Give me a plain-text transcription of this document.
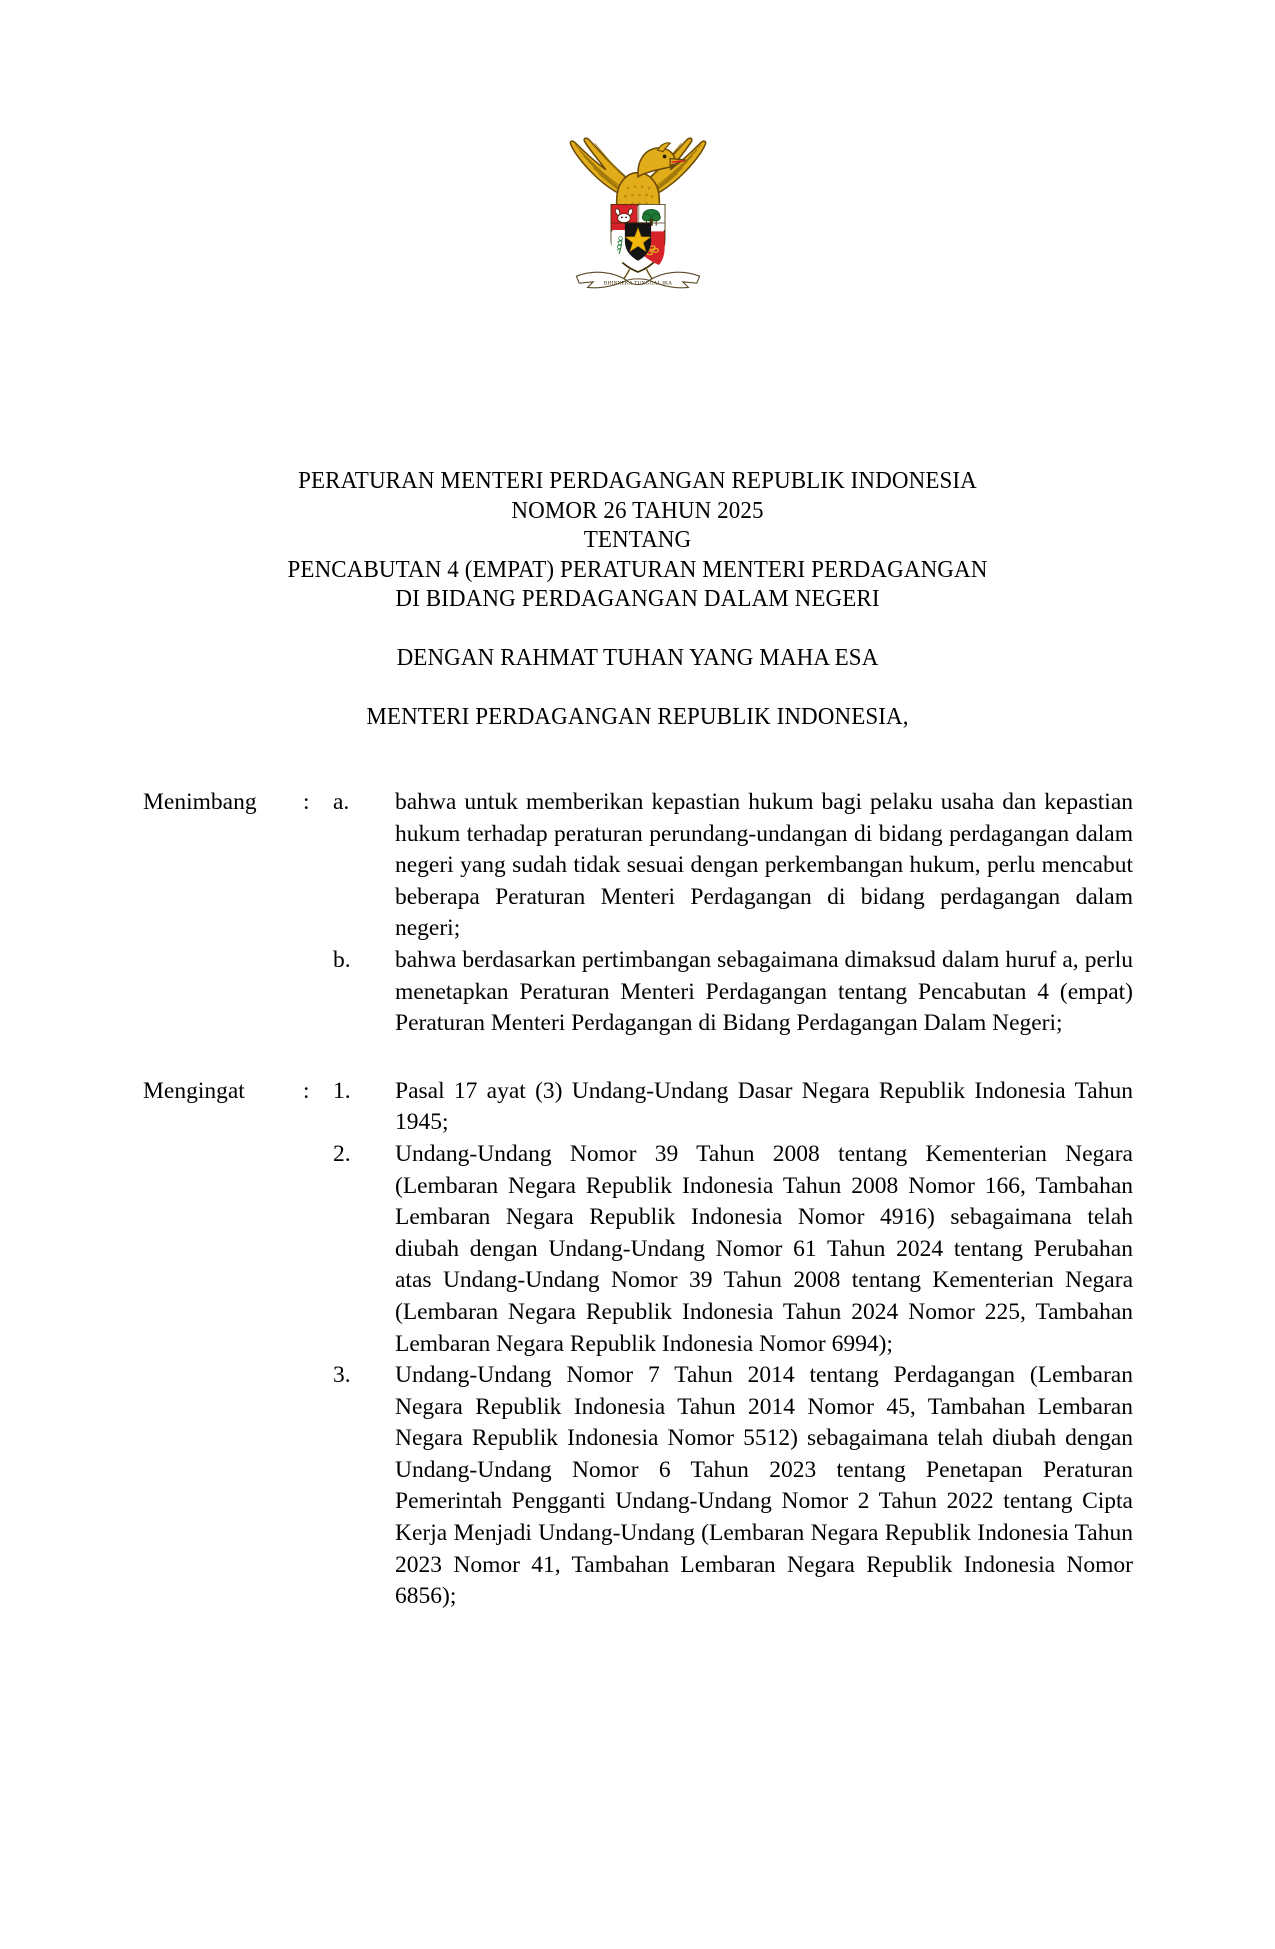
BHINNEKA TUNGGAL IKA
PERATURAN MENTERI PERDAGANGAN REPUBLIK INDONESIA
NOMOR 26 TAHUN 2025
TENTANG
PENCABUTAN 4 (EMPAT) PERATURAN MENTERI PERDAGANGAN
DI BIDANG PERDAGANGAN DALAM NEGERI
DENGAN RAHMAT TUHAN YANG MAHA ESA
MENTERI PERDAGANGAN REPUBLIK INDONESIA,
Menimbang	: a.	bahwa untuk memberikan kepastian hukum bagi pelaku usaha dan kepastian hukum terhadap peraturan perundang-undangan di bidang perdagangan dalam negeri yang sudah tidak sesuai dengan perkembangan hukum, perlu mencabut beberapa Peraturan Menteri Perdagangan di bidang perdagangan dalam negeri;
b.	bahwa berdasarkan pertimbangan sebagaimana dimaksud dalam huruf a, perlu menetapkan Peraturan Menteri Perdagangan tentang Pencabutan 4 (empat) Peraturan Menteri Perdagangan di Bidang Perdagangan Dalam Negeri;
Mengingat	: 1.	Pasal 17 ayat (3) Undang-Undang Dasar Negara Republik Indonesia Tahun 1945;
2.	Undang-Undang Nomor 39 Tahun 2008 tentang Kementerian Negara (Lembaran Negara Republik Indonesia Tahun 2008 Nomor 166, Tambahan Lembaran Negara Republik Indonesia Nomor 4916) sebagaimana telah diubah dengan Undang-Undang Nomor 61 Tahun 2024 tentang Perubahan atas Undang-Undang Nomor 39 Tahun 2008 tentang Kementerian Negara (Lembaran Negara Republik Indonesia Tahun 2024 Nomor 225, Tambahan Lembaran Negara Republik Indonesia Nomor 6994);
3.	Undang-Undang Nomor 7 Tahun 2014 tentang Perdagangan (Lembaran Negara Republik Indonesia Tahun 2014 Nomor 45, Tambahan Lembaran Negara Republik Indonesia Nomor 5512) sebagaimana telah diubah dengan Undang-Undang Nomor 6 Tahun 2023 tentang Penetapan Peraturan Pemerintah Pengganti Undang-Undang Nomor 2 Tahun 2022 tentang Cipta Kerja Menjadi Undang-Undang (Lembaran Negara Republik Indonesia Tahun 2023 Nomor 41, Tambahan Lembaran Negara Republik Indonesia Nomor 6856);
